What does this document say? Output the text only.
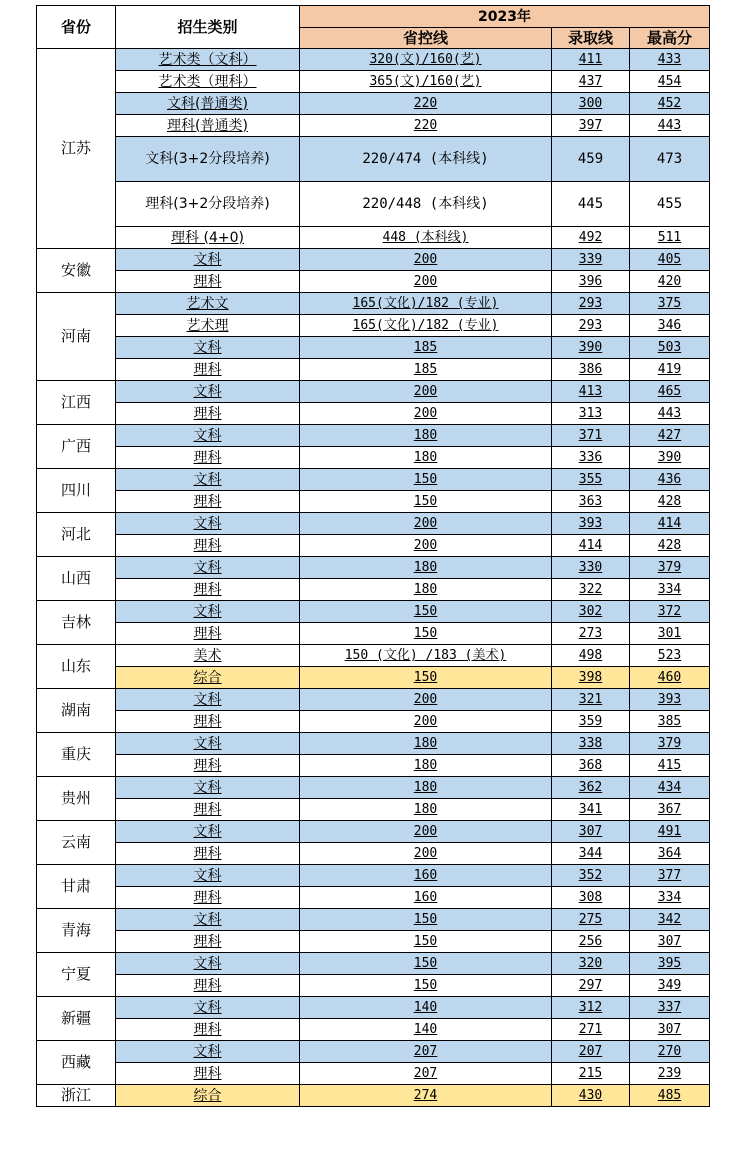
省份	招生类别	2023年		
		省控线	录取线	最高分
江苏	艺术类（文科）	320(文)/160(艺)	411	433
	艺术类（理科）	365(文)/160(艺)	437	454
	文科(普通类)	220	300	452
	理科(普通类)	220	397	443
	文科(3+2分段培养)	220/474 (本科线)	459	473
	理科(3+2分段培养)	220/448 (本科线)	445	455
	理科 (4+0)	448 (本科线)	492	511
安徽	文科	200	339	405
	理科	200	396	420
河南	艺术文	165(文化)/182 (专业)	293	375
	艺术理	165(文化)/182 (专业)	293	346
	文科	185	390	503
	理科	185	386	419
江西	文科	200	413	465
	理科	200	313	443
广西	文科	180	371	427
	理科	180	336	390
四川	文科	150	355	436
	理科	150	363	428
河北	文科	200	393	414
	理科	200	414	428
山西	文科	180	330	379
	理科	180	322	334
吉林	文科	150	302	372
	理科	150	273	301
山东	美术	150 (文化) /183 (美术)	498	523
	综合	150	398	460
湖南	文科	200	321	393
	理科	200	359	385
重庆	文科	180	338	379
	理科	180	368	415
贵州	文科	180	362	434
	理科	180	341	367
云南	文科	200	307	491
	理科	200	344	364
甘肃	文科	160	352	377
	理科	160	308	334
青海	文科	150	275	342
	理科	150	256	307
宁夏	文科	150	320	395
	理科	150	297	349
新疆	文科	140	312	337
	理科	140	271	307
西藏	文科	207	207	270
	理科	207	215	239
浙江	综合	274	430	485
